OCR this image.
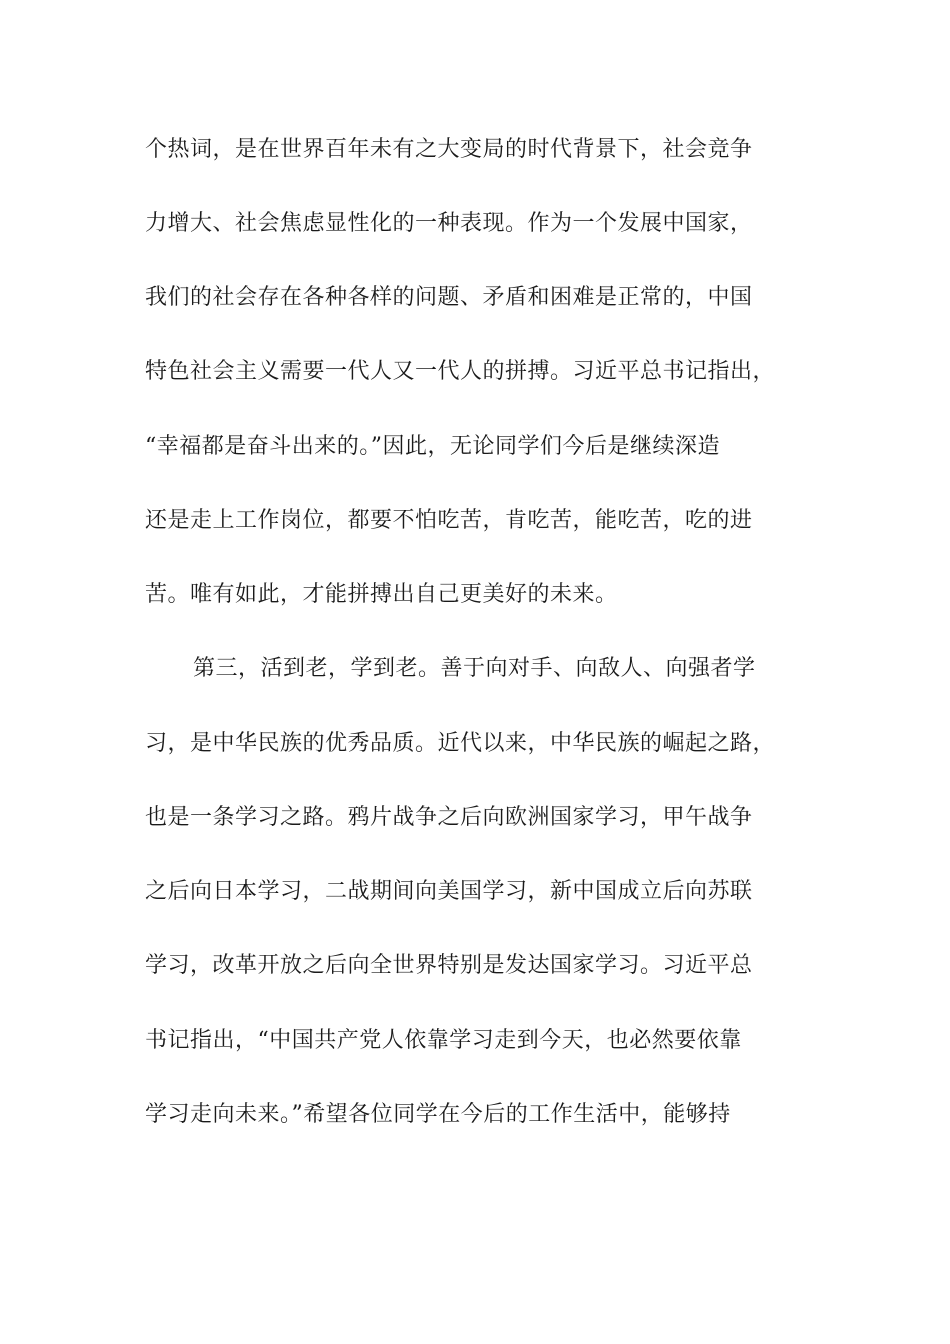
个热词，是在世界百年未有之大变局的时代背景下，社会竞争
力增大、社会焦虑显性化的一种表现。作为一个发展中国家，
我们的社会存在各种各样的问题、矛盾和困难是正常的，中国
特色社会主义需要一代人又一代人的拼搏。习近平总书记指出，
“幸福都是奋斗出来的。”因此，无论同学们今后是继续深造
还是走上工作岗位，都要不怕吃苦，肯吃苦，能吃苦，吃的进
苦。唯有如此，才能拼搏出自己更美好的未来。
第三，活到老，学到老。善于向对手、向敌人、向强者学
习，是中华民族的优秀品质。近代以来，中华民族的崛起之路，
也是一条学习之路。鸦片战争之后向欧洲国家学习，甲午战争
之后向日本学习，二战期间向美国学习，新中国成立后向苏联
学习，改革开放之后向全世界特别是发达国家学习。习近平总
书记指出，“中国共产党人依靠学习走到今天，也必然要依靠
学习走向未来。”希望各位同学在今后的工作生活中，能够持
